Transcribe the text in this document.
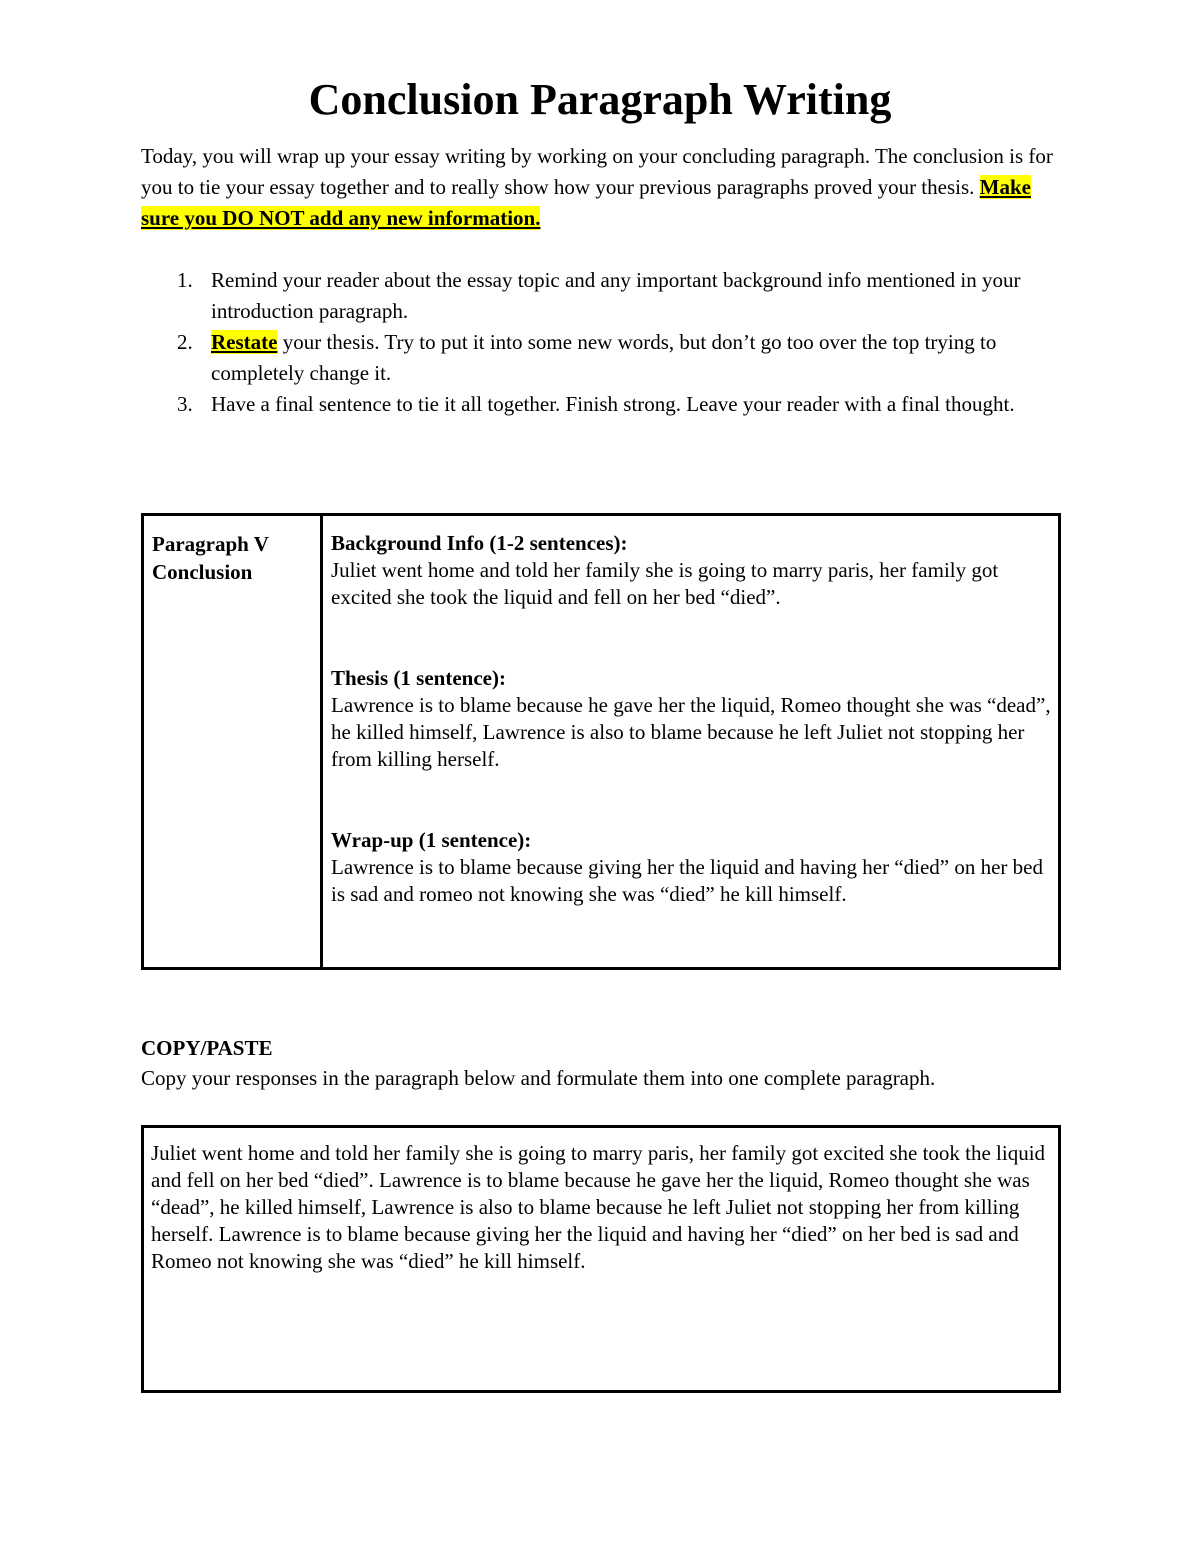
Conclusion Paragraph Writing

Today, you will wrap up your essay writing by working on your concluding paragraph. The conclusion is for you to tie your essay together and to really show how your previous paragraphs proved your thesis. Make sure you DO NOT add any new information.

1. Remind your reader about the essay topic and any important background info mentioned in your introduction paragraph.
2. Restate your thesis. Try to put it into some new words, but don’t go too over the top trying to completely change it.
3. Have a final sentence to tie it all together. Finish strong. Leave your reader with a final thought.
Paragraph V
Conclusion
Background Info (1-2 sentences):
Juliet went home and told her family she is going to marry paris, her family got excited she took the liquid and fell on her bed “died”.
Thesis (1 sentence):
Lawrence is to blame because he gave her the liquid, Romeo thought she was “dead”, he killed himself, Lawrence is also to blame because he left Juliet not stopping her from killing herself.
Wrap-up (1 sentence):
Lawrence is to blame because giving her the liquid and having her “died” on her bed is sad and romeo not knowing she was “died” he kill himself.

COPY/PASTE

Copy your responses in the paragraph below and formulate them into one complete paragraph.

Juliet went home and told her family she is going to marry paris, her family got excited she took the liquid and fell on her bed “died”. Lawrence is to blame because he gave her the liquid, Romeo thought she was “dead”, he killed himself, Lawrence is also to blame because he left Juliet not stopping her from killing herself. Lawrence is to blame because giving her the liquid and having her “died” on her bed is sad and Romeo not knowing she was “died” he kill himself.
